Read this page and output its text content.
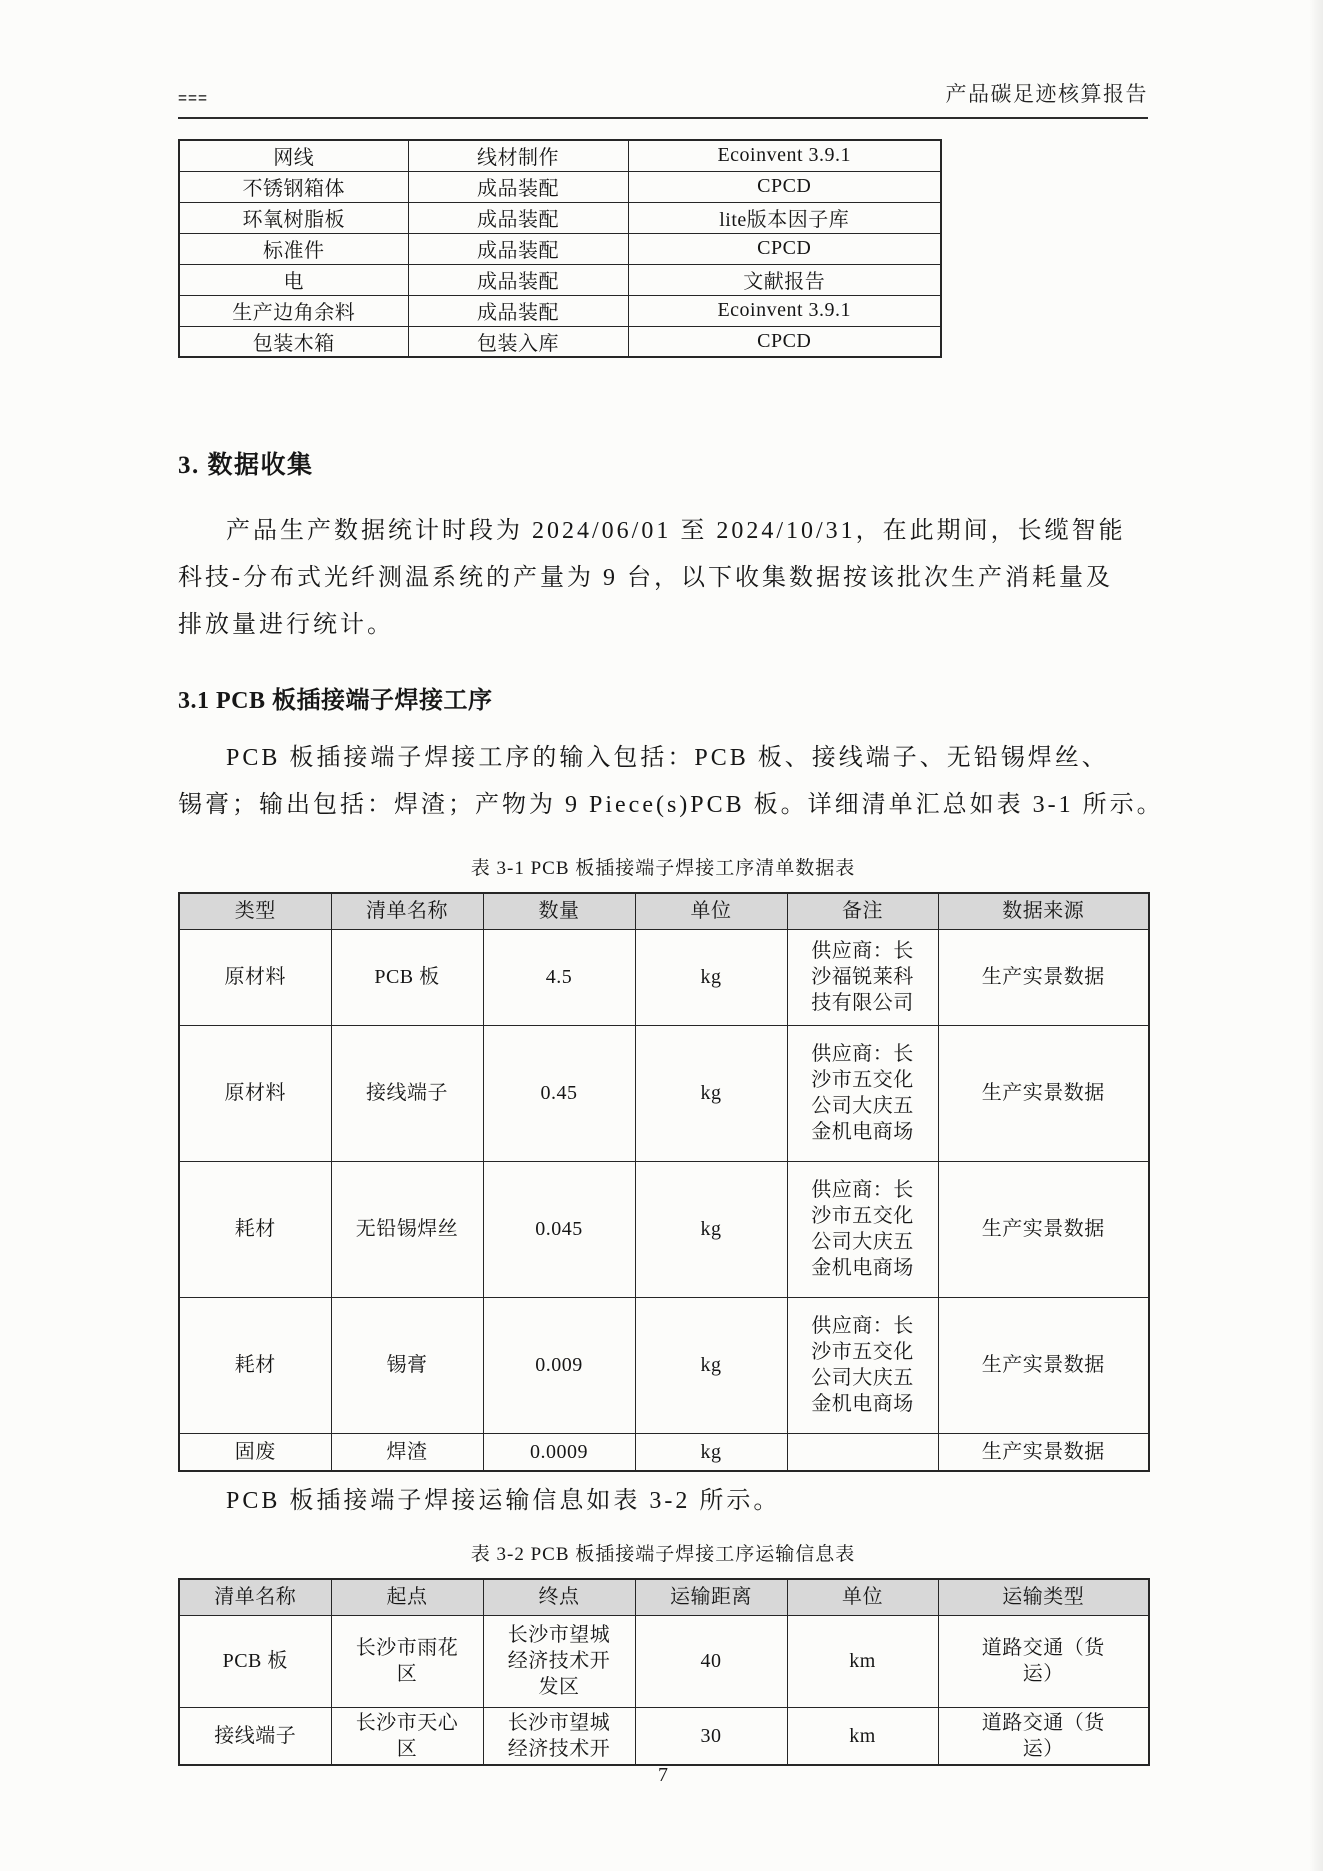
===	产品碳足迹核算报告
网线	线材制作	Ecoinvent 3.9.1
不锈钢箱体	成品装配	CPCD
环氧树脂板	成品装配	lite版本因子库
标准件	成品装配	CPCD
电	成品装配	文献报告
生产边角余料	成品装配	Ecoinvent 3.9.1
包装木箱	包装入库	CPCD
3. 数据收集
产品生产数据统计时段为 2024/06/01 至 2024/10/31，在此期间，长缆智能
科技-分布式光纤测温系统的产量为 9 台，以下收集数据按该批次生产消耗量及
排放量进行统计。
3.1 PCB 板插接端子焊接工序
PCB 板插接端子焊接工序的输入包括：PCB 板、接线端子、无铅锡焊丝、
锡膏；输出包括：焊渣；产物为 9 Piece(s)PCB 板。详细清单汇总如表 3-1 所示。
表 3-1 PCB 板插接端子焊接工序清单数据表
类型	清单名称	数量	单位	备注	数据来源
原材料	PCB 板	4.5	kg	供应商：长沙福锐莱科技有限公司	生产实景数据
原材料	接线端子	0.45	kg	供应商：长沙市五交化公司大庆五金机电商场	生产实景数据
耗材	无铅锡焊丝	0.045	kg	供应商：长沙市五交化公司大庆五金机电商场	生产实景数据
耗材	锡膏	0.009	kg	供应商：长沙市五交化公司大庆五金机电商场	生产实景数据
固废	焊渣	0.0009	kg		生产实景数据
PCB 板插接端子焊接运输信息如表 3-2 所示。
表 3-2 PCB 板插接端子焊接工序运输信息表
清单名称	起点	终点	运输距离	单位	运输类型
PCB 板	长沙市雨花区	长沙市望城经济技术开发区	40	km	道路交通（货运）
接线端子	长沙市天心区	长沙市望城经济技术开	30	km	道路交通（货运）
7
